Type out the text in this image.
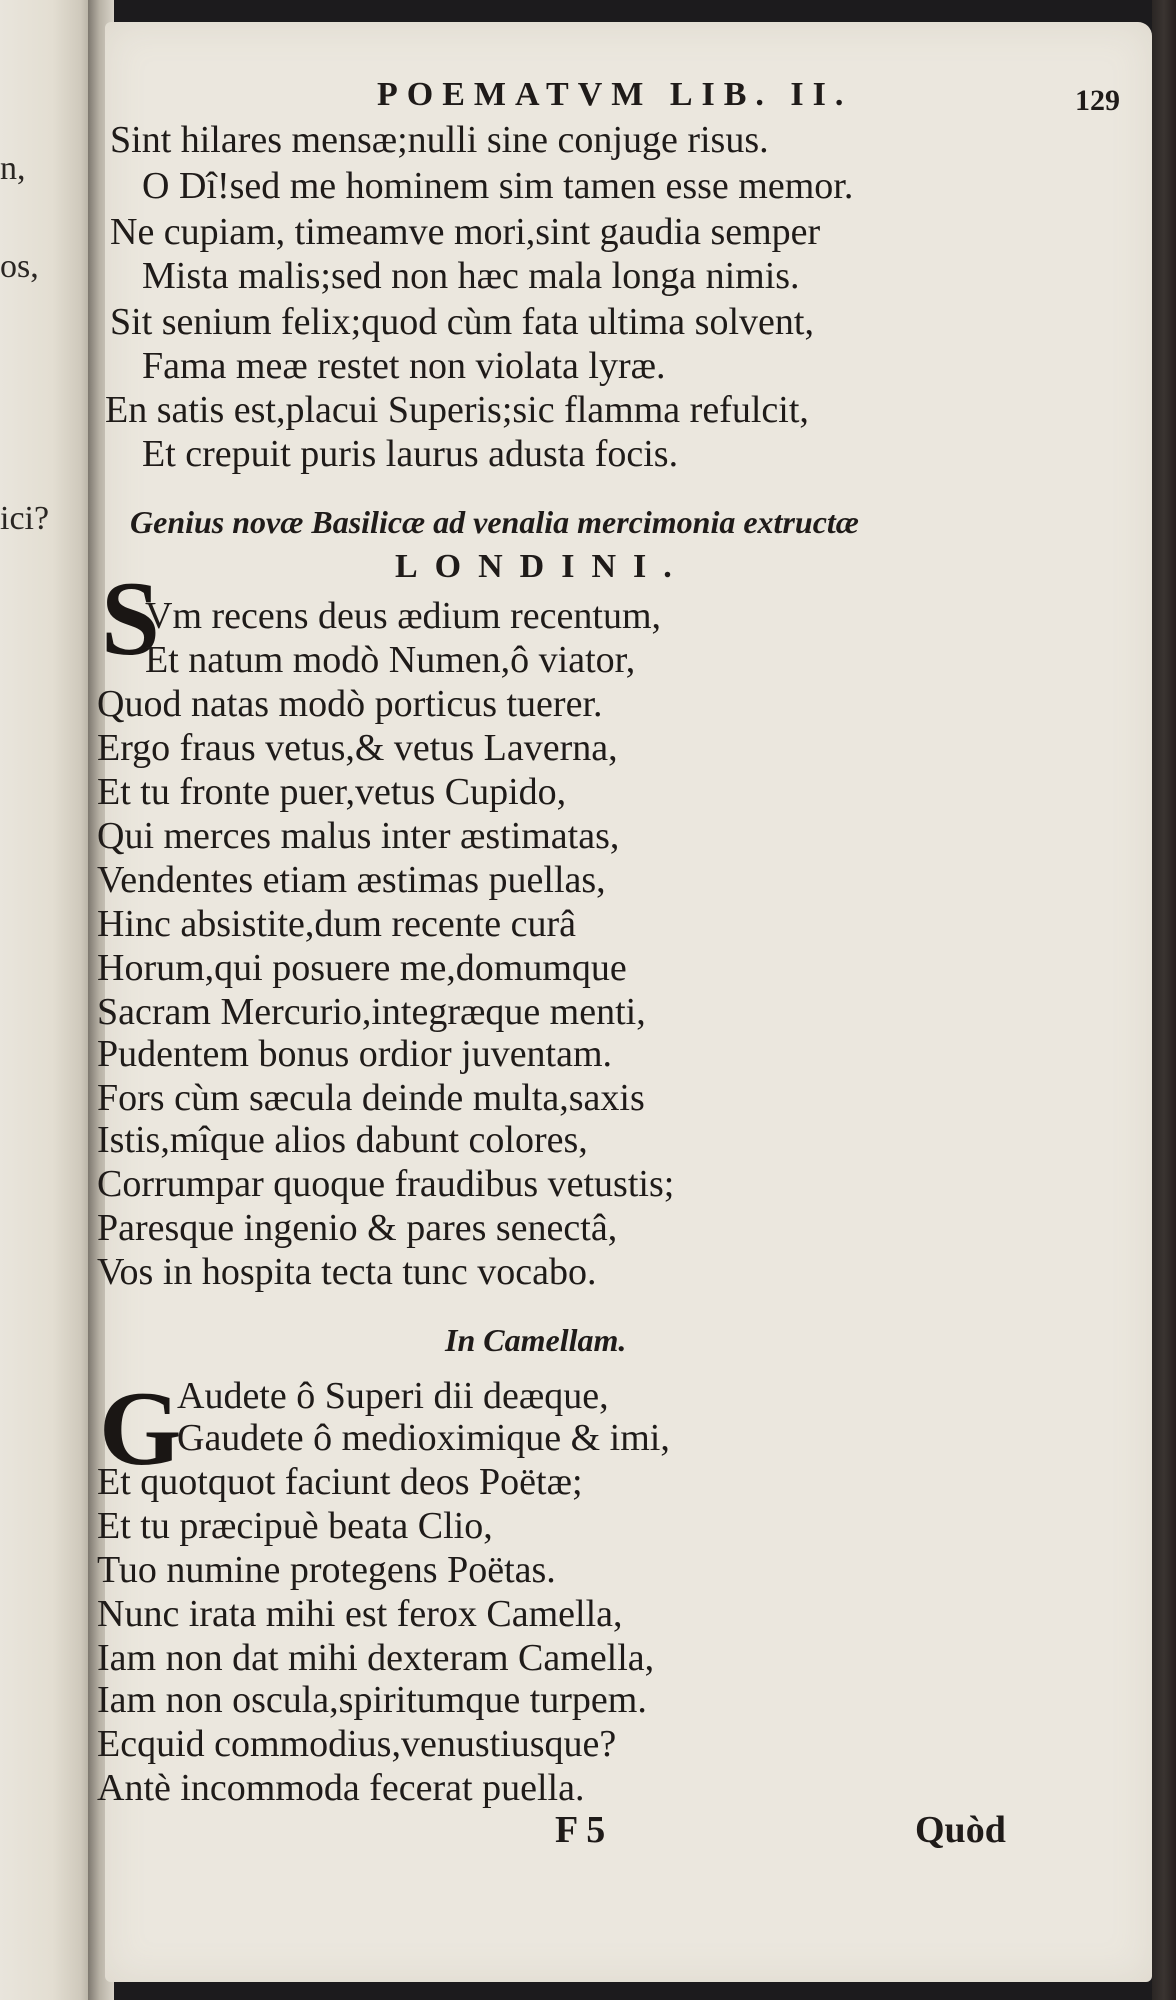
n,
os,
ici?
POEMATVM LIB. II.	129
Sint hilares mensæ;nulli sine conjuge risus.
O Dî!sed me hominem sim tamen esse memor.
Ne cupiam, timeamve mori,sint gaudia semper
Mista malis;sed non hæc mala longa nimis.
Sit senium felix;quod cùm fata ultima solvent,
Fama meæ restet non violata lyræ.
En satis est,placui Superis;sic flamma refulcit,
Et crepuit puris laurus adusta focis.
Genius novæ Basilicæ ad venalia mercimonia extructæ
LONDINI.
S
Vm recens deus ædium recentum,
Et natum modò Numen,ô viator,
Quod natas modò porticus tuerer.
Ergo fraus vetus,& vetus Laverna,
Et tu fronte puer,vetus Cupido,
Qui merces malus inter æstimatas,
Vendentes etiam æstimas puellas,
Hinc absistite,dum recente curâ
Horum,qui posuere me,domumque
Sacram Mercurio,integræque menti,
Pudentem bonus ordior juventam.
Fors cùm sæcula deinde multa,saxis
Istis,mîque alios dabunt colores,
Corrumpar quoque fraudibus vetustis;
Paresque ingenio & pares senectâ,
Vos in hospita tecta tunc vocabo.
In Camellam.
G
Audete ô Superi dii deæque,
Gaudete ô medioximique & imi,
Et quotquot faciunt deos Poëtæ;
Et tu præcipuè beata Clio,
Tuo numine protegens Poëtas.
Nunc irata mihi est ferox Camella,
Iam non dat mihi dexteram Camella,
Iam non oscula,spiritumque turpem.
Ecquid commodius,venustiusque?
Antè incommoda fecerat puella.
F 5	Quòd
